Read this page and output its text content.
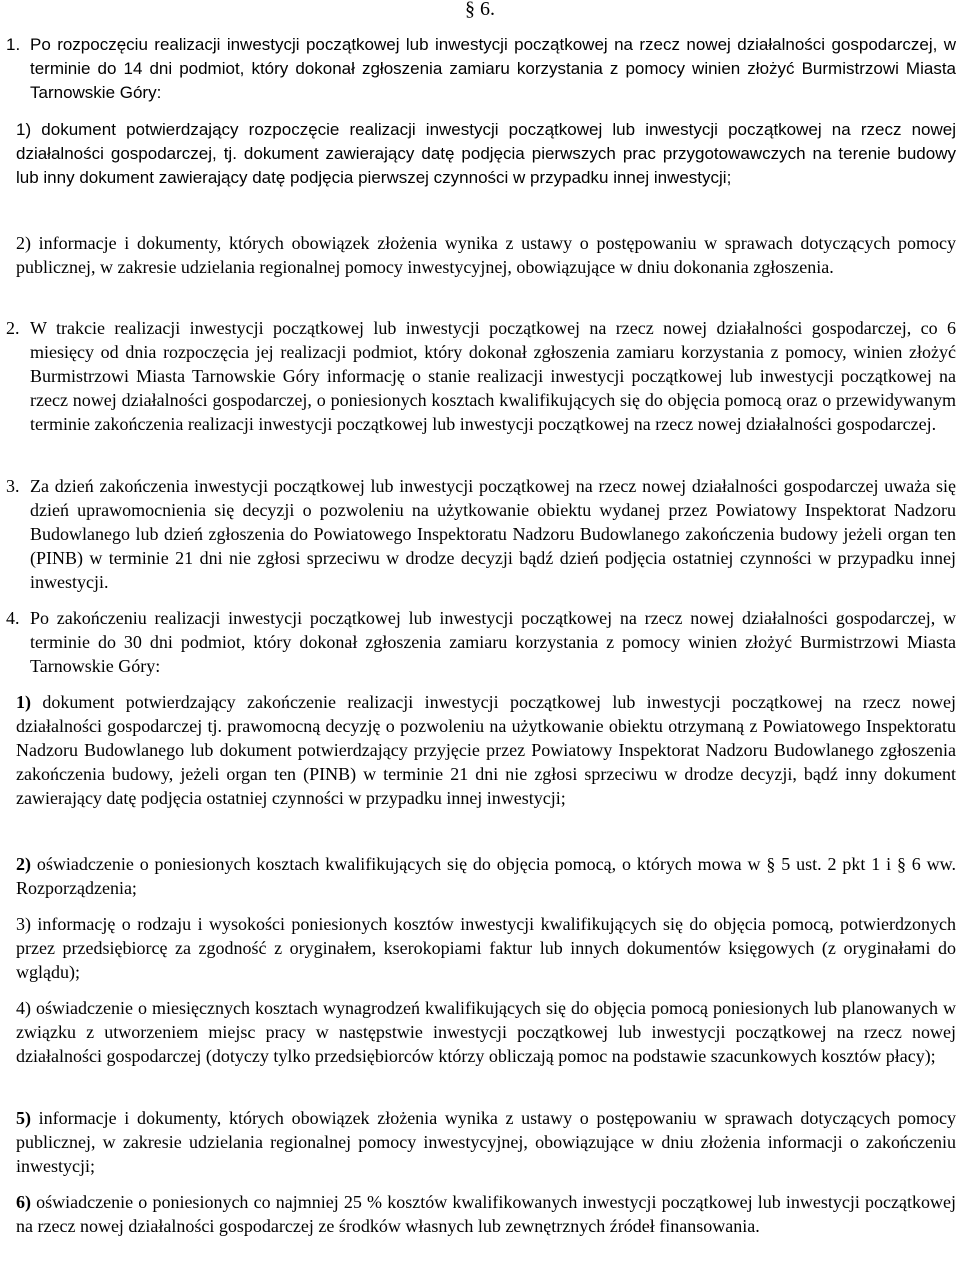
§ 6.
1. Po rozpoczęciu realizacji inwestycji początkowej lub inwestycji początkowej na rzecz nowej działalności gospodarczej, w terminie do 14 dni podmiot, który dokonał zgłoszenia zamiaru korzystania z pomocy winien złożyć Burmistrzowi Miasta Tarnowskie Góry:
1) dokument potwierdzający rozpoczęcie realizacji inwestycji początkowej lub inwestycji początkowej na rzecz nowej działalności gospodarczej, tj. dokument zawierający datę podjęcia pierwszych prac przygotowawczych na terenie budowy lub inny dokument zawierający datę podjęcia pierwszej czynności w przypadku innej inwestycji;
2) informacje i dokumenty, których obowiązek złożenia wynika z ustawy o postępowaniu w sprawach dotyczących pomocy publicznej, w zakresie udzielania regionalnej pomocy inwestycyjnej, obowiązujące w dniu dokonania zgłoszenia.
2. W trakcie realizacji inwestycji początkowej lub inwestycji początkowej na rzecz nowej działalności gospodarczej, co 6 miesięcy od dnia rozpoczęcia jej realizacji podmiot, który dokonał zgłoszenia zamiaru korzystania z pomocy, winien złożyć Burmistrzowi Miasta Tarnowskie Góry informację o stanie realizacji inwestycji początkowej lub inwestycji początkowej na rzecz nowej działalności gospodarczej, o poniesionych kosztach kwalifikujących się do objęcia pomocą oraz o przewidywanym terminie zakończenia realizacji inwestycji początkowej lub inwestycji początkowej na rzecz nowej działalności gospodarczej.
3. Za dzień zakończenia inwestycji początkowej lub inwestycji początkowej na rzecz nowej działalności gospodarczej uważa się dzień uprawomocnienia się decyzji o pozwoleniu na użytkowanie obiektu wydanej przez Powiatowy Inspektorat Nadzoru Budowlanego lub dzień zgłoszenia do Powiatowego Inspektoratu Nadzoru Budowlanego zakończenia budowy jeżeli organ ten (PINB) w terminie 21 dni nie zgłosi sprzeciwu w drodze decyzji bądź dzień podjęcia ostatniej czynności w przypadku innej inwestycji.
4. Po zakończeniu realizacji inwestycji początkowej lub inwestycji początkowej na rzecz nowej działalności gospodarczej, w terminie do 30 dni podmiot, który dokonał zgłoszenia zamiaru korzystania z pomocy winien złożyć Burmistrzowi Miasta Tarnowskie Góry:
1) dokument potwierdzający zakończenie realizacji inwestycji początkowej lub inwestycji początkowej na rzecz nowej działalności gospodarczej tj. prawomocną decyzję o pozwoleniu na użytkowanie obiektu otrzymaną z Powiatowego Inspektoratu Nadzoru Budowlanego lub dokument potwierdzający przyjęcie przez Powiatowy Inspektorat Nadzoru Budowlanego zgłoszenia zakończenia budowy, jeżeli organ ten (PINB) w terminie 21 dni nie zgłosi sprzeciwu w drodze decyzji, bądź inny dokument zawierający datę podjęcia ostatniej czynności w przypadku innej inwestycji;
2) oświadczenie o poniesionych kosztach kwalifikujących się do objęcia pomocą, o których mowa w § 5 ust. 2 pkt 1 i § 6 ww. Rozporządzenia;
3) informację o rodzaju i wysokości poniesionych kosztów inwestycji kwalifikujących się do objęcia pomocą, potwierdzonych przez przedsiębiorcę za zgodność z oryginałem, kserokopiami faktur lub innych dokumentów księgowych (z oryginałami do wglądu);
4) oświadczenie o miesięcznych kosztach wynagrodzeń kwalifikujących się do objęcia pomocą poniesionych lub planowanych w związku z utworzeniem miejsc pracy w następstwie inwestycji początkowej lub inwestycji początkowej na rzecz nowej działalności gospodarczej (dotyczy tylko przedsiębiorców którzy obliczają pomoc na podstawie szacunkowych kosztów płacy);
5) informacje i dokumenty, których obowiązek złożenia wynika z ustawy o postępowaniu w sprawach dotyczących pomocy publicznej, w zakresie udzielania regionalnej pomocy inwestycyjnej, obowiązujące w dniu złożenia informacji o zakończeniu inwestycji;
6) oświadczenie o poniesionych co najmniej 25 % kosztów kwalifikowanych inwestycji początkowej lub inwestycji początkowej na rzecz nowej działalności gospodarczej ze środków własnych lub zewnętrznych źródeł finansowania.
